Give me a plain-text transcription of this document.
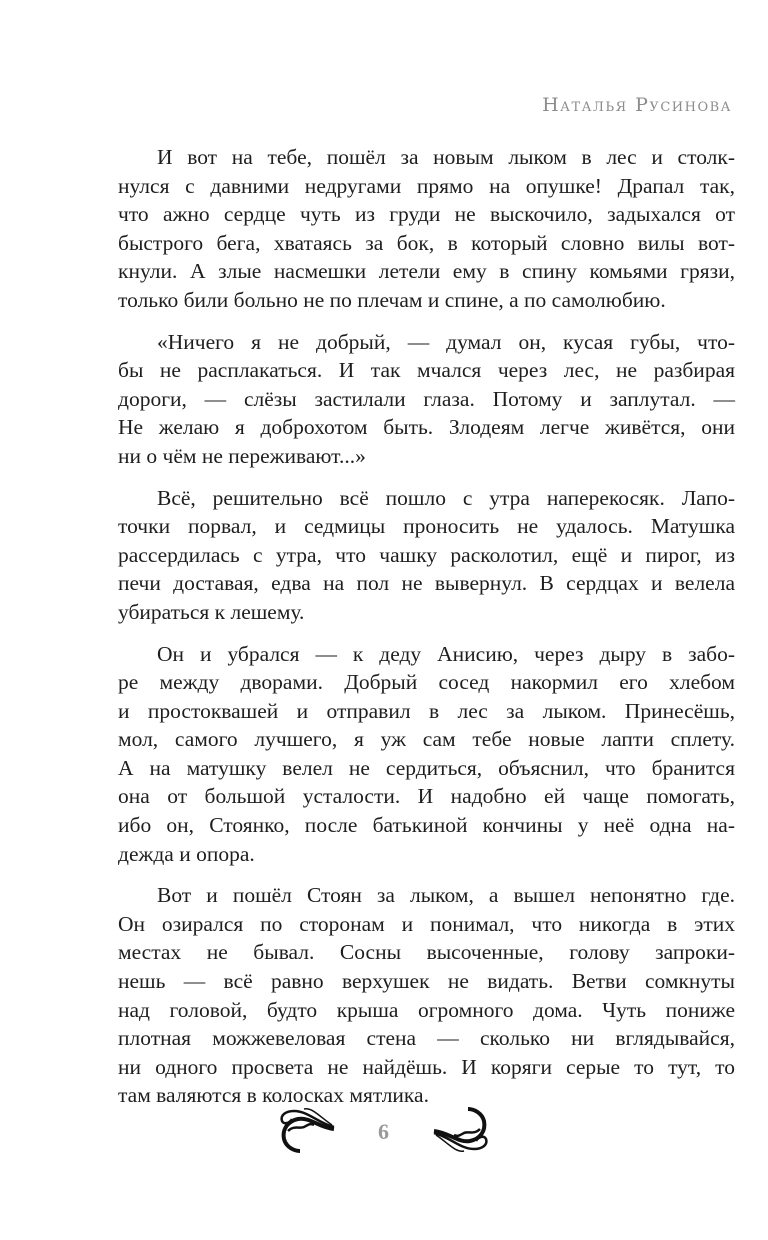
Наталья Русинова
И вот на тебе, пошёл за новым лыком в лес и столк-
нулся с давними недругами прямо на опушке! Драпал так,
что ажно сердце чуть из груди не выскочило, задыхался от
быстрого бега, хватаясь за бок, в который словно вилы вот-
кнули. А злые насмешки летели ему в спину комьями грязи,
только били больно не по плечам и спине, а по самолюбию.
«Ничего я не добрый, — думал он, кусая губы, что-
бы не расплакаться. И так мчался через лес, не разбирая
дороги, — слёзы застилали глаза. Потому и заплутал. —
Не желаю я доброхотом быть. Злодеям легче живётся, они
ни о чём не переживают...»
Всё, решительно всё пошло с утра наперекосяк. Лапо-
точки порвал, и седмицы проносить не удалось. Матушка
рассердилась с утра, что чашку расколотил, ещё и пирог, из
печи доставая, едва на пол не вывернул. В сердцах и велела
убираться к лешему.
Он и убрался — к деду Анисию, через дыру в забо-
ре между дворами. Добрый сосед накормил его хлебом
и простоквашей и отправил в лес за лыком. Принесёшь,
мол, самого лучшего, я уж сам тебе новые лапти сплету.
А на матушку велел не сердиться, объяснил, что бранится
она от большой усталости. И надобно ей чаще помогать,
ибо он, Стоянко, после батькиной кончины у неё одна на-
дежда и опора.
Вот и пошёл Стоян за лыком, а вышел непонятно где.
Он озирался по сторонам и понимал, что никогда в этих
местах не бывал. Сосны высоченные, голову запроки-
нешь — всё равно верхушек не видать. Ветви сомкнуты
над головой, будто крыша огромного дома. Чуть пониже
плотная можжевеловая стена — сколько ни вглядывайся,
ни одного просвета не найдёшь. И коряги серые то тут, то
там валяются в колосках мятлика.
6
